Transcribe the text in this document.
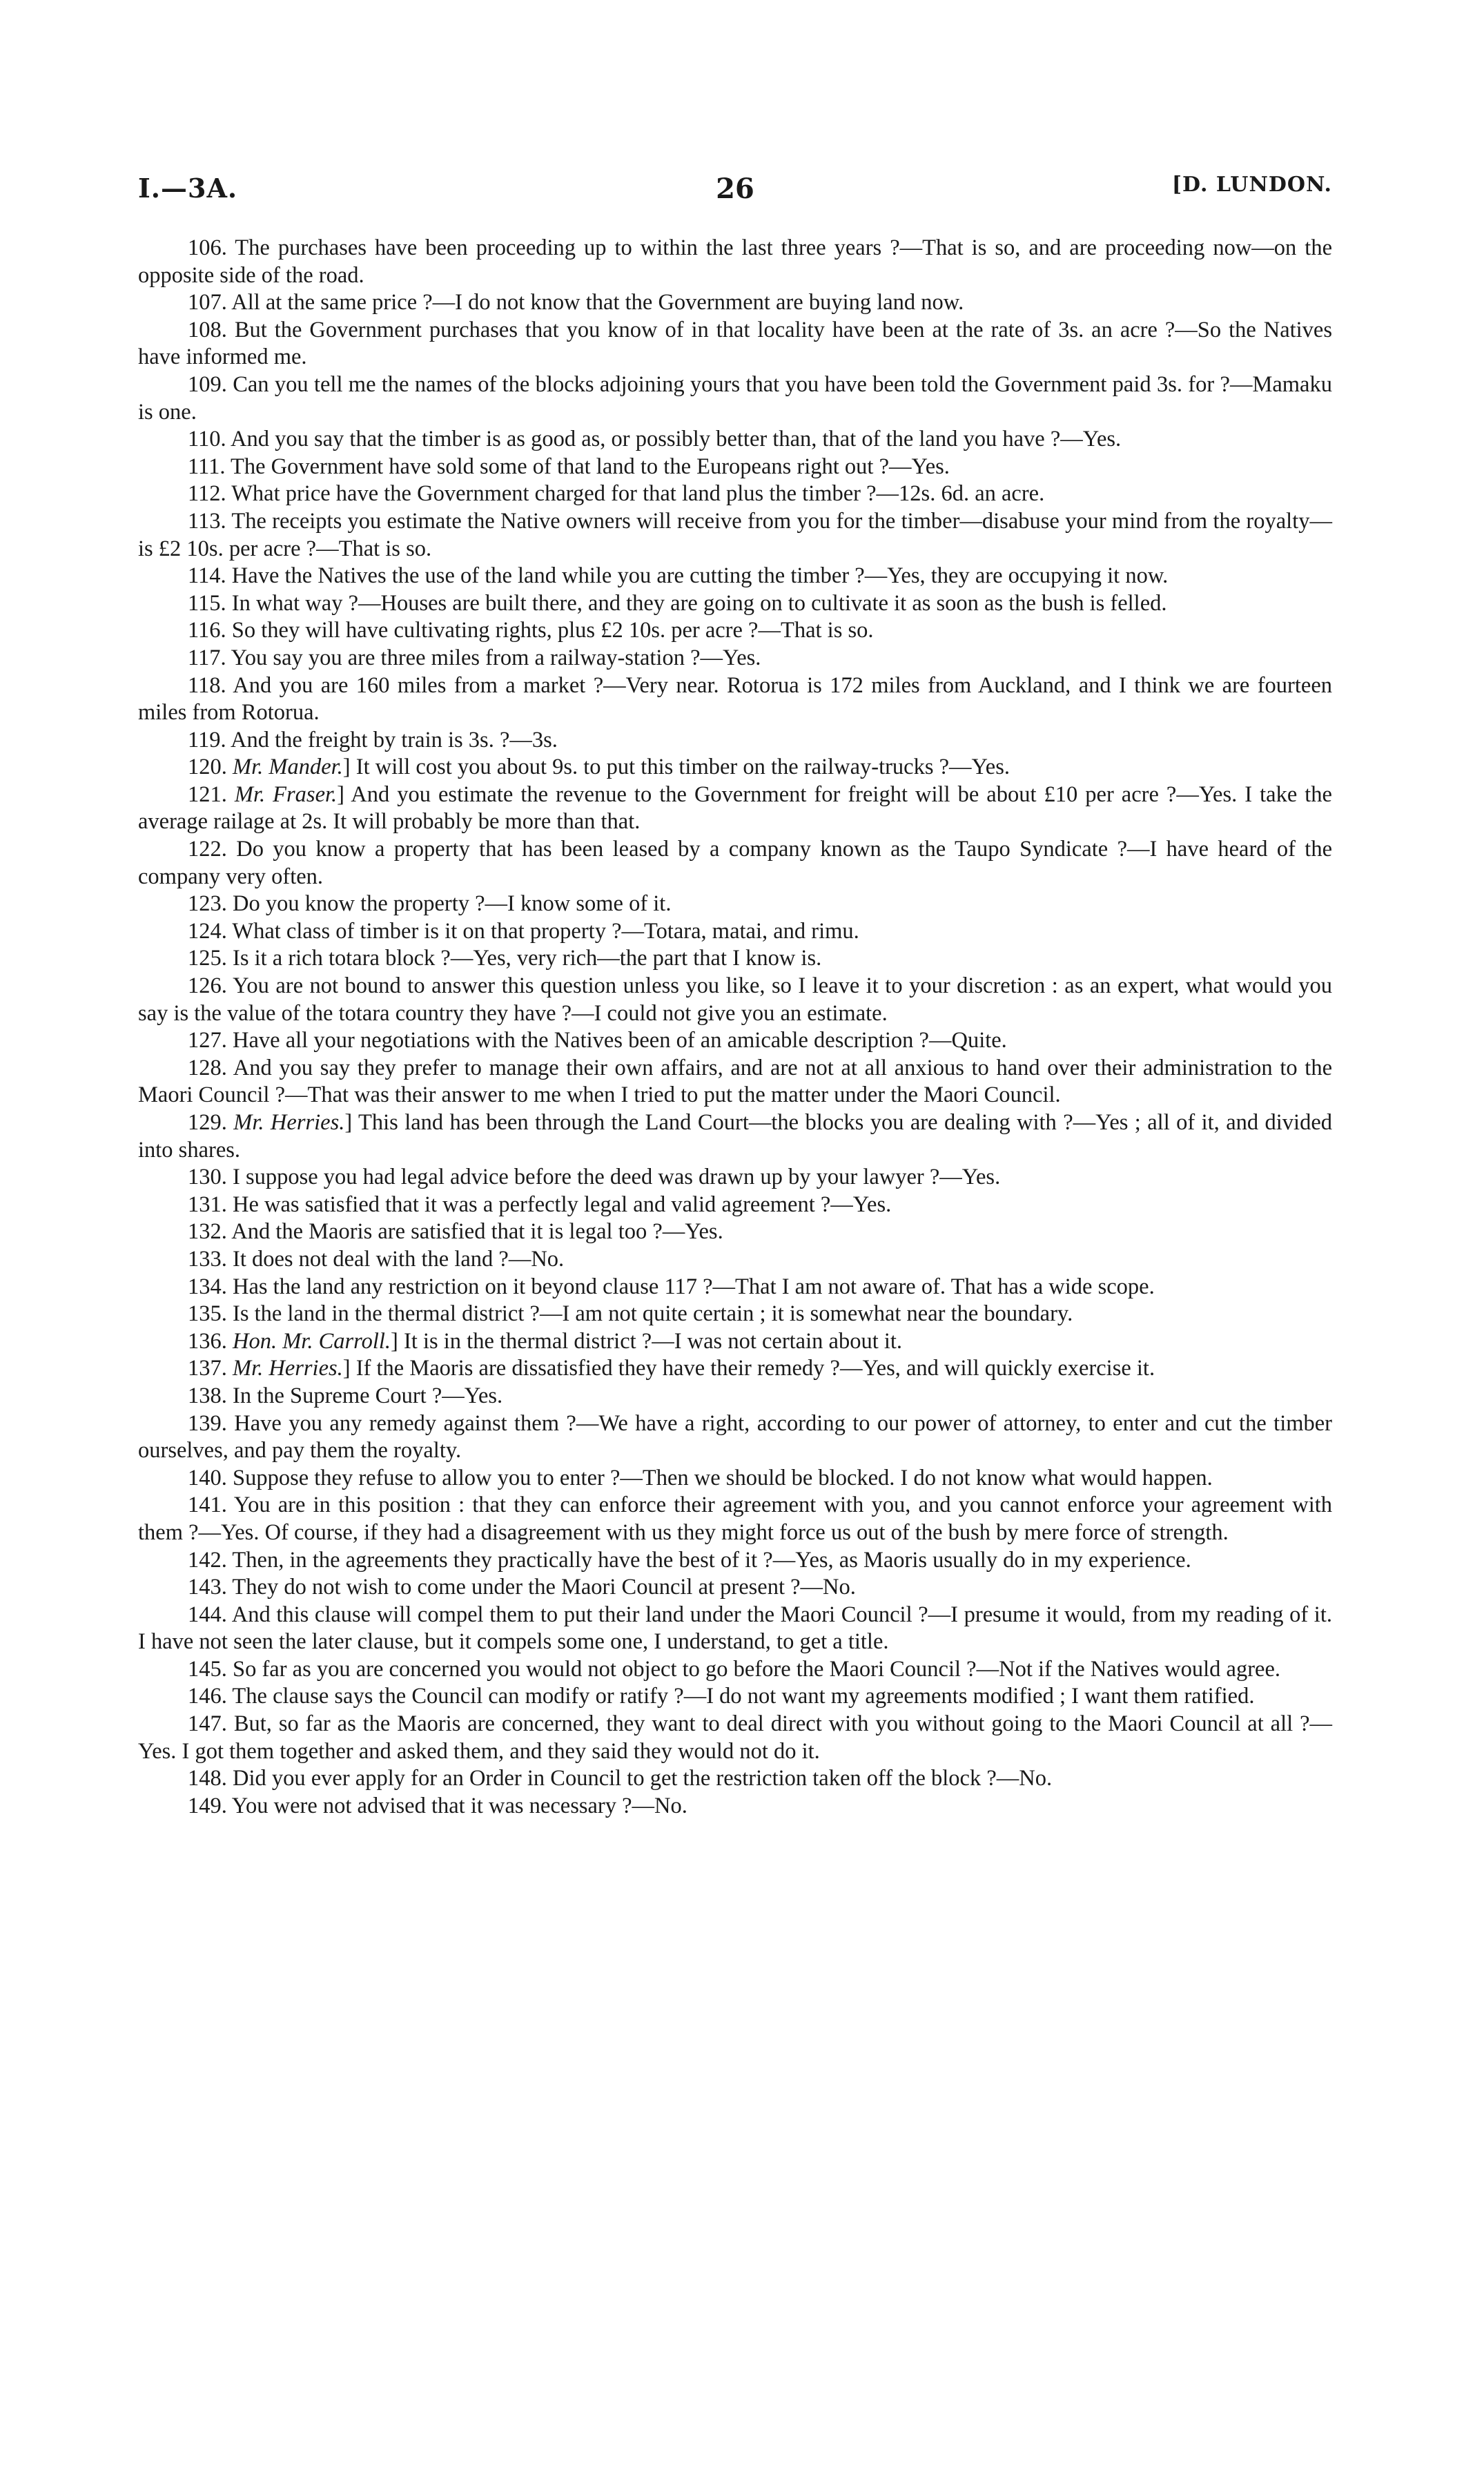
I.—3A.	26	[D. LUNDON.

106. The purchases have been proceeding up to within the last three years ?—That is so, and are proceeding now—on the opposite side of the road.

107. All at the same price ?—I do not know that the Government are buying land now.

108. But the Government purchases that you know of in that locality have been at the rate of 3s. an acre ?—So the Natives have informed me.

109. Can you tell me the names of the blocks adjoining yours that you have been told the Government paid 3s. for ?—Mamaku is one.

110. And you say that the timber is as good as, or possibly better than, that of the land you have ?—Yes.

111. The Government have sold some of that land to the Europeans right out ?—Yes.

112. What price have the Government charged for that land plus the timber ?—12s. 6d. an acre.

113. The receipts you estimate the Native owners will receive from you for the timber—disabuse your mind from the royalty—is £2 10s. per acre ?—That is so.

114. Have the Natives the use of the land while you are cutting the timber ?—Yes, they are occupying it now.

115. In what way ?—Houses are built there, and they are going on to cultivate it as soon as the bush is felled.

116. So they will have cultivating rights, plus £2 10s. per acre ?—That is so.

117. You say you are three miles from a railway-station ?—Yes.

118. And you are 160 miles from a market ?—Very near. Rotorua is 172 miles from Auckland, and I think we are fourteen miles from Rotorua.

119. And the freight by train is 3s. ?—3s.

120. Mr. Mander.] It will cost you about 9s. to put this timber on the railway-trucks ?—Yes.

121. Mr. Fraser.] And you estimate the revenue to the Government for freight will be about £10 per acre ?—Yes. I take the average railage at 2s. It will probably be more than that.

122. Do you know a property that has been leased by a company known as the Taupo Syndicate ?—I have heard of the company very often.

123. Do you know the property ?—I know some of it.

124. What class of timber is it on that property ?—Totara, matai, and rimu.

125. Is it a rich totara block ?—Yes, very rich—the part that I know is.

126. You are not bound to answer this question unless you like, so I leave it to your discretion : as an expert, what would you say is the value of the totara country they have ?—I could not give you an estimate.

127. Have all your negotiations with the Natives been of an amicable description ?—Quite.

128. And you say they prefer to manage their own affairs, and are not at all anxious to hand over their administration to the Maori Council ?—That was their answer to me when I tried to put the matter under the Maori Council.

129. Mr. Herries.] This land has been through the Land Court—the blocks you are dealing with ?—Yes ; all of it, and divided into shares.

130. I suppose you had legal advice before the deed was drawn up by your lawyer ?—Yes.

131. He was satisfied that it was a perfectly legal and valid agreement ?—Yes.

132. And the Maoris are satisfied that it is legal too ?—Yes.

133. It does not deal with the land ?—No.

134. Has the land any restriction on it beyond clause 117 ?—That I am not aware of. That has a wide scope.

135. Is the land in the thermal district ?—I am not quite certain ; it is somewhat near the boundary.

136. Hon. Mr. Carroll.] It is in the thermal district ?—I was not certain about it.

137. Mr. Herries.] If the Maoris are dissatisfied they have their remedy ?—Yes, and will quickly exercise it.

138. In the Supreme Court ?—Yes.

139. Have you any remedy against them ?—We have a right, according to our power of attorney, to enter and cut the timber ourselves, and pay them the royalty.

140. Suppose they refuse to allow you to enter ?—Then we should be blocked. I do not know what would happen.

141. You are in this position : that they can enforce their agreement with you, and you cannot enforce your agreement with them ?—Yes. Of course, if they had a disagreement with us they might force us out of the bush by mere force of strength.

142. Then, in the agreements they practically have the best of it ?—Yes, as Maoris usually do in my experience.

143. They do not wish to come under the Maori Council at present ?—No.

144. And this clause will compel them to put their land under the Maori Council ?—I presume it would, from my reading of it. I have not seen the later clause, but it compels some one, I understand, to get a title.

145. So far as you are concerned you would not object to go before the Maori Council ?—Not if the Natives would agree.

146. The clause says the Council can modify or ratify ?—I do not want my agreements modified ; I want them ratified.

147. But, so far as the Maoris are concerned, they want to deal direct with you without going to the Maori Council at all ?—Yes. I got them together and asked them, and they said they would not do it.

148. Did you ever apply for an Order in Council to get the restriction taken off the block ?—No.

149. You were not advised that it was necessary ?—No.
